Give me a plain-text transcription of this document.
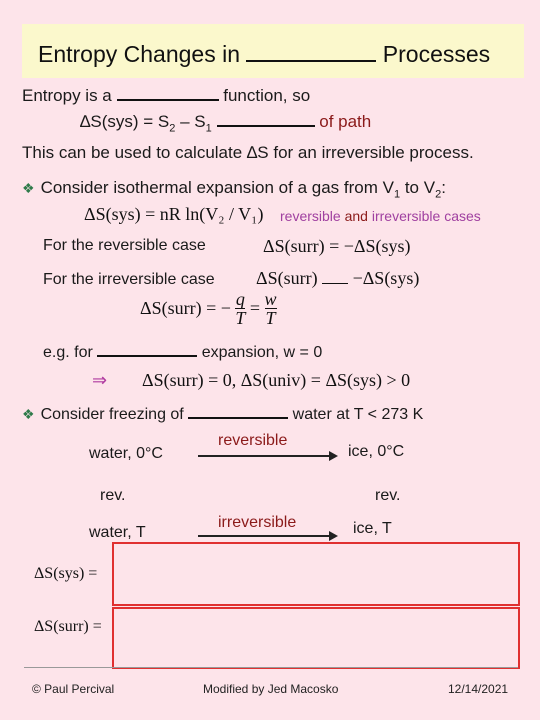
Entropy Changes in	Processes
Entropy is a	function, so
$\Delta S(sys) = S_2 - S_1$	of path
This can be used to calculate ∆S for an irreversible process.
❖ Consider isothermal expansion of a gas from $V_1$ to $V_2$:
ΔS(sys) = nR ln(V₂ / V₁) reversible and irreversible cases
For the reversible case	ΔS(surr) = −ΔS(sys)
For the irreversible case ΔS(surr) −ΔS(sys)
ΔS(surr) = − $\frac{q}{T} = \frac{w}{T}$
e.g. for	expansion, w = 0
⇒ ΔS(surr) = 0, ΔS(univ) = ΔS(sys) > 0
❖ Consider freezing of	water at T < 273 K
water, 0°C
reversible
ice, 0°C
rev.	rev.
water, T
irreversible	ice, T
ΔS(sys) =
ΔS(surr) =
© Paul Percival	Modified by Jed Macosko	12/14/2021
